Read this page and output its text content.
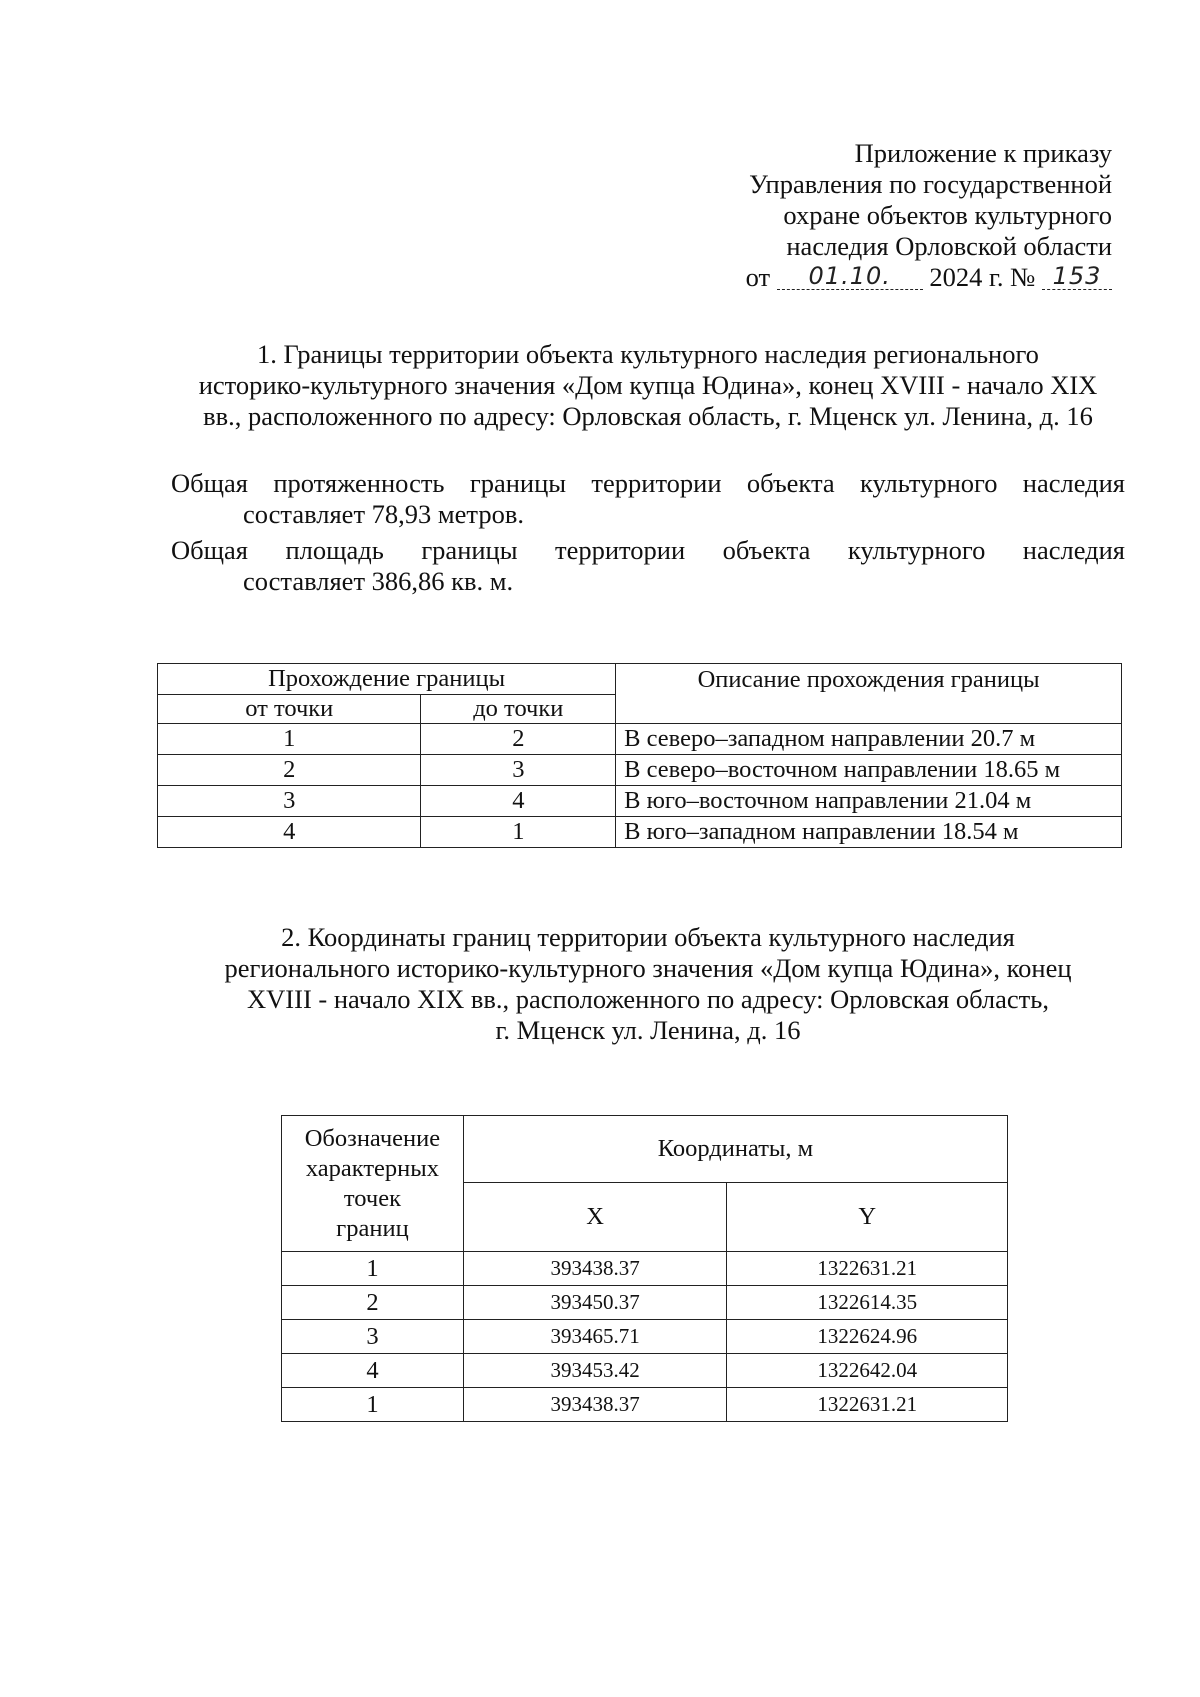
Приложение к приказу
Управления по государственной
охране объектов культурного
наследия Орловской области
от 01.10. 2024 г. № 153
1. Границы территории объекта культурного наследия регионального
историко-культурного значения «Дом купца Юдина», конец XVIII - начало XIX
вв., расположенного по адресу: Орловская область, г. Мценск ул. Ленина, д. 16
Общая протяженность границы территории объекта культурного наследия
составляет 78,93 метров.
Общая площадь границы территории объекта культурного наследия
составляет 386,86 кв. м.
Прохождение границы		Описание прохождения границы
от точки	до точки	
1	2	В северо–западном направлении 20.7 м
2	3	В северо–восточном направлении 18.65 м
3	4	В юго–восточном направлении 21.04 м
4	1	В юго–западном направлении 18.54 м
2. Координаты границ территории объекта культурного наследия
регионального историко-культурного значения «Дом купца Юдина», конец
XVIII - начало XIX вв., расположенного по адресу: Орловская область,
г. Мценск ул. Ленина, д. 16
Обозначение
характерных
точек
границ	Координаты, м	
	X	Y
1	393438.37	1322631.21
2	393450.37	1322614.35
3	393465.71	1322624.96
4	393453.42	1322642.04
1	393438.37	1322631.21
